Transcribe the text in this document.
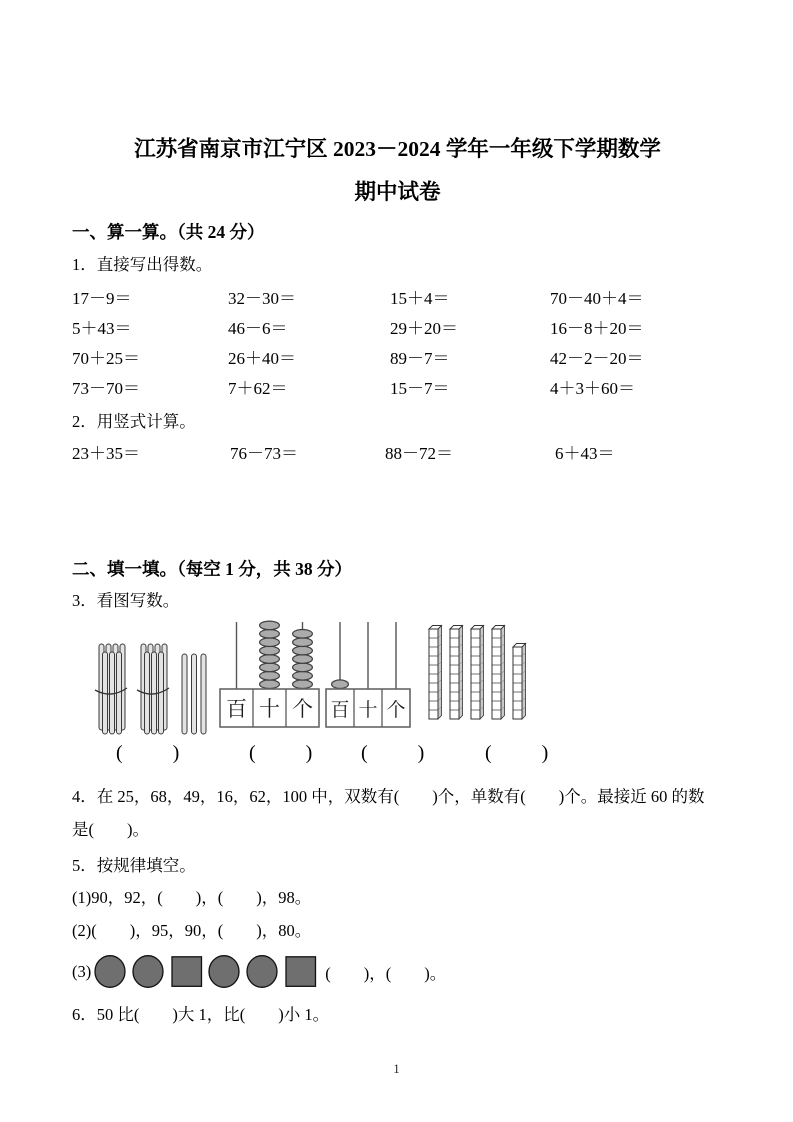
江苏省南京市江宁区 2023－2024 学年一年级下学期数学
期中试卷
一、算一算。（共 24 分）
1．直接写出得数。
17－9＝	32－30＝	15＋4＝	70－40＋4＝
5＋43＝	46－6＝	29＋20＝	16－8＋20＝
70＋25＝	26＋40＝	89－7＝	42－2－20＝
73－70＝	7＋62＝	15－7＝	4＋3＋60＝
2．用竖式计算。
23＋35＝	76－73＝	88－72＝	6＋43＝
二、填一填。（每空 1 分，共 38 分）
3．看图写数。
百 十 个 百 十 个
(          )	(          ) (          )	(          )

4．在 25，68，49，16，62，100 中，双数有(        )个，单数有(        )个。最接近 60 的数

是(        )。

5．按规律填空。
(1)90，92，(        )，(        )，98。
(2)(        )，95，90，(        )，80。
(3)	(        )，(        )。
6．50 比(        )大 1，比(        )小 1。
1
